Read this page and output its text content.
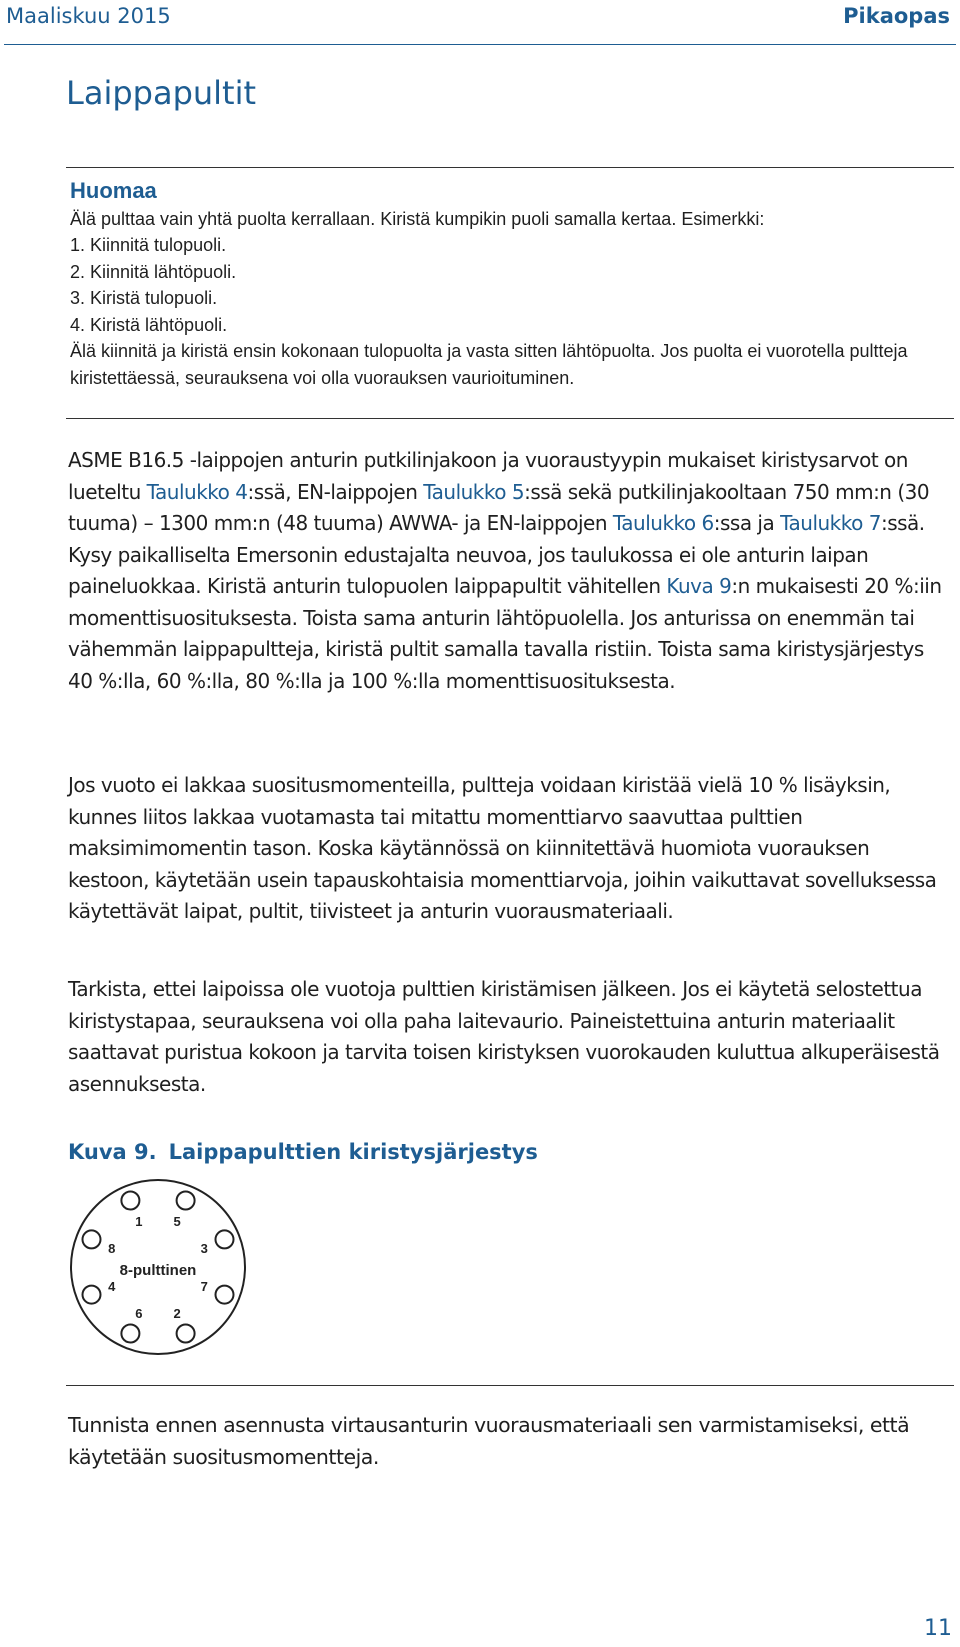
Maaliskuu 2015	Pikaopas
Laippapultit
Huomaa
Älä pulttaa vain yhtä puolta kerrallaan. Kiristä kumpikin puoli samalla kertaa. Esimerkki:
1. Kiinnitä tulopuoli.
2. Kiinnitä lähtöpuoli.
3. Kiristä tulopuoli.
4. Kiristä lähtöpuoli.
Älä kiinnitä ja kiristä ensin kokonaan tulopuolta ja vasta sitten lähtöpuolta. Jos puolta ei vuorotella pultteja kiristettäessä, seurauksena voi olla vuorauksen vaurioituminen.

ASME B16.5 -laippojen anturin putkilinjakoon ja vuoraustyypin mukaiset kiristysarvot on lueteltu Taulukko 4:ssä, EN-laippojen Taulukko 5:ssä sekä putkilinjakooltaan 750 mm:n (30 tuuma) – 1300 mm:n (48 tuuma) AWWA- ja EN-laippojen Taulukko 6:ssa ja Taulukko 7:ssä. Kysy paikalliselta Emersonin edustajalta neuvoa, jos taulukossa ei ole anturin laipan paineluokkaa. Kiristä anturin tulopuolen laippapultit vähitellen Kuva 9:n mukaisesti 20 %:iin momenttisuosituksesta. Toista sama anturin lähtöpuolella. Jos anturissa on enemmän tai vähemmän laippapultteja, kiristä pultit samalla tavalla ristiin. Toista sama kiristysjärjestys 40 %:lla, 60 %:lla, 80 %:lla ja 100 %:lla momenttisuosituksesta.

Jos vuoto ei lakkaa suositusmomenteilla, pultteja voidaan kiristää vielä 10 % lisäyksin, kunnes liitos lakkaa vuotamasta tai mitattu momenttiarvo saavuttaa pulttien maksimimomentin tason. Koska käytännössä on kiinnitettävä huomiota vuorauksen kestoon, käytetään usein tapauskohtaisia momenttiarvoja, joihin vaikuttavat sovelluksessa käytettävät laipat, pultit, tiivisteet ja anturin vuorausmateriaali.

Tarkista, ettei laipoissa ole vuotoja pulttien kiristämisen jälkeen. Jos ei käytetä selostettua kiristystapaa, seurauksena voi olla paha laitevaurio. Paineistettuina anturin materiaalit saattavat puristua kokoon ja tarvita toisen kiristyksen vuorokauden kuluttua alkuperäisestä asennuksesta.

Kuva 9. Laippapulttien kiristysjärjestys
1 5
3
7
2
6
4
8
8-pulttinen

Tunnista ennen asennusta virtausanturin vuorausmateriaali sen varmistamiseksi, että käytetään suositusmomentteja.

11
